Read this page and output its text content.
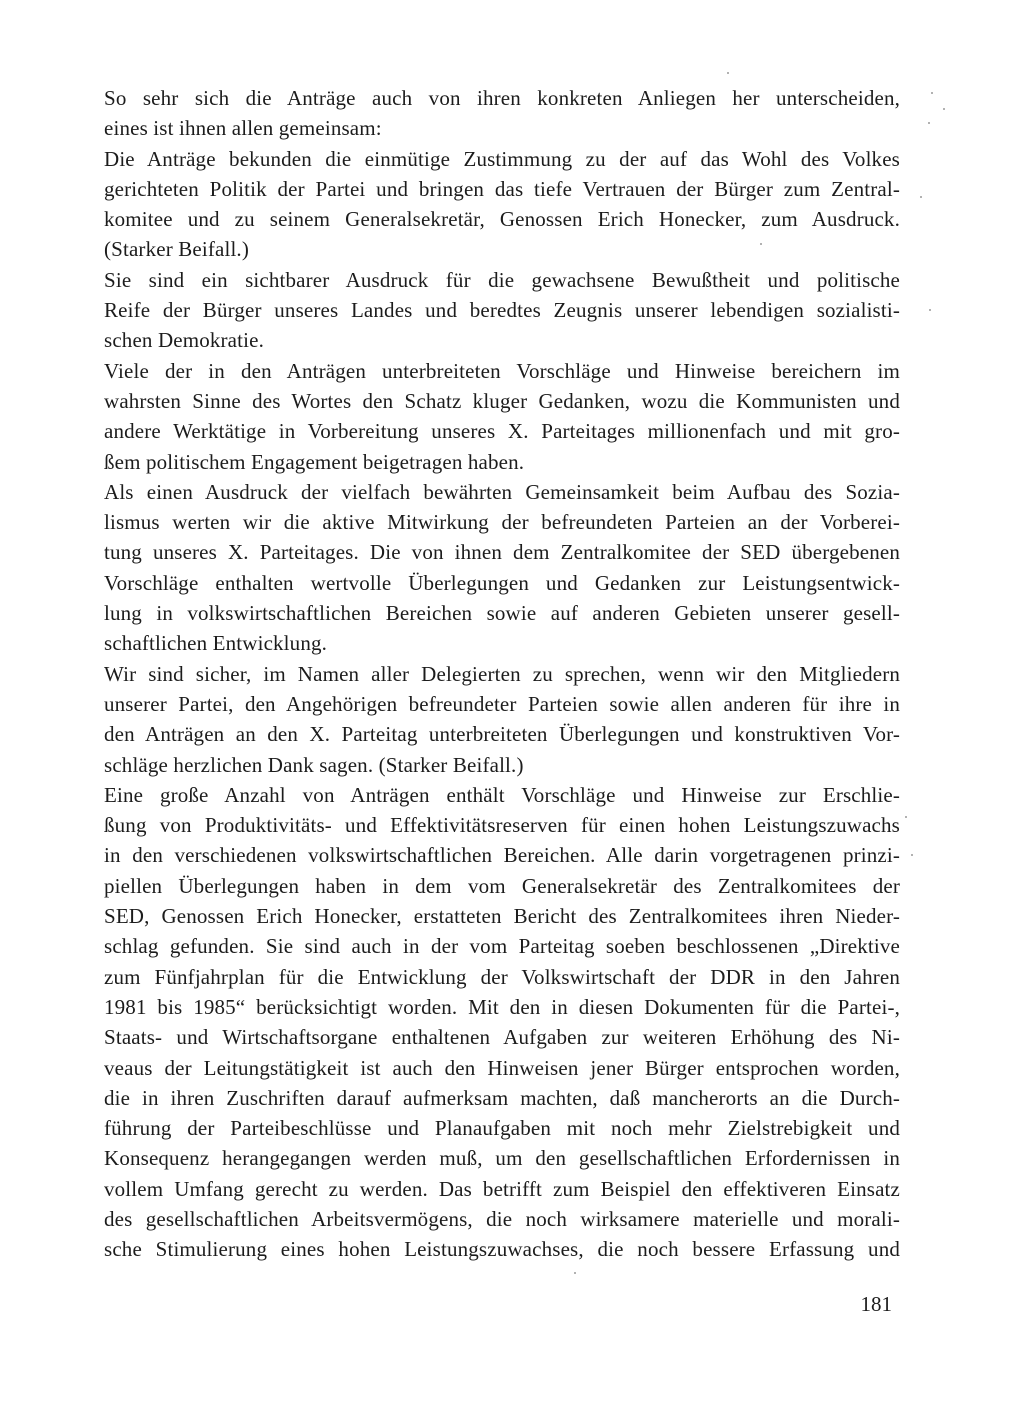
So sehr sich die Anträge auch von ihren konkreten Anliegen her unterscheiden,
eines ist ihnen allen gemeinsam:
Die Anträge bekunden die einmütige Zustimmung zu der auf das Wohl des Volkes
gerichteten Politik der Partei und bringen das tiefe Vertrauen der Bürger zum Zentral-
komitee und zu seinem Generalsekretär, Genossen Erich Honecker, zum Ausdruck.
(Starker Beifall.)
Sie sind ein sichtbarer Ausdruck für die gewachsene Bewußtheit und politische
Reife der Bürger unseres Landes und beredtes Zeugnis unserer lebendigen sozialisti-
schen Demokratie.
Viele der in den Anträgen unterbreiteten Vorschläge und Hinweise bereichern im
wahrsten Sinne des Wortes den Schatz kluger Gedanken, wozu die Kommunisten und
andere Werktätige in Vorbereitung unseres X. Parteitages millionenfach und mit gro-
ßem politischem Engagement beigetragen haben.
Als einen Ausdruck der vielfach bewährten Gemeinsamkeit beim Aufbau des Sozia-
lismus werten wir die aktive Mitwirkung der befreundeten Parteien an der Vorberei-
tung unseres X. Parteitages. Die von ihnen dem Zentralkomitee der SED übergebenen
Vorschläge enthalten wertvolle Überlegungen und Gedanken zur Leistungsentwick-
lung in volkswirtschaftlichen Bereichen sowie auf anderen Gebieten unserer gesell-
schaftlichen Entwicklung.
Wir sind sicher, im Namen aller Delegierten zu sprechen, wenn wir den Mitgliedern
unserer Partei, den Angehörigen befreundeter Parteien sowie allen anderen für ihre in
den Anträgen an den X. Parteitag unterbreiteten Überlegungen und konstruktiven Vor-
schläge herzlichen Dank sagen. (Starker Beifall.)
Eine große Anzahl von Anträgen enthält Vorschläge und Hinweise zur Erschlie-
ßung von Produktivitäts- und Effektivitätsreserven für einen hohen Leistungszuwachs
in den verschiedenen volkswirtschaftlichen Bereichen. Alle darin vorgetragenen prinzi-
piellen Überlegungen haben in dem vom Generalsekretär des Zentralkomitees der
SED, Genossen Erich Honecker, erstatteten Bericht des Zentralkomitees ihren Nieder-
schlag gefunden. Sie sind auch in der vom Parteitag soeben beschlossenen „Direktive
zum Fünfjahrplan für die Entwicklung der Volkswirtschaft der DDR in den Jahren
1981 bis 1985“ berücksichtigt worden. Mit den in diesen Dokumenten für die Partei-,
Staats- und Wirtschaftsorgane enthaltenen Aufgaben zur weiteren Erhöhung des Ni-
veaus der Leitungstätigkeit ist auch den Hinweisen jener Bürger entsprochen worden,
die in ihren Zuschriften darauf aufmerksam machten, daß mancherorts an die Durch-
führung der Parteibeschlüsse und Planaufgaben mit noch mehr Zielstrebigkeit und
Konsequenz herangegangen werden muß, um den gesellschaftlichen Erfordernissen in
vollem Umfang gerecht zu werden. Das betrifft zum Beispiel den effektiveren Einsatz
des gesellschaftlichen Arbeitsvermögens, die noch wirksamere materielle und morali-
sche Stimulierung eines hohen Leistungszuwachses, die noch bessere Erfassung und
181
